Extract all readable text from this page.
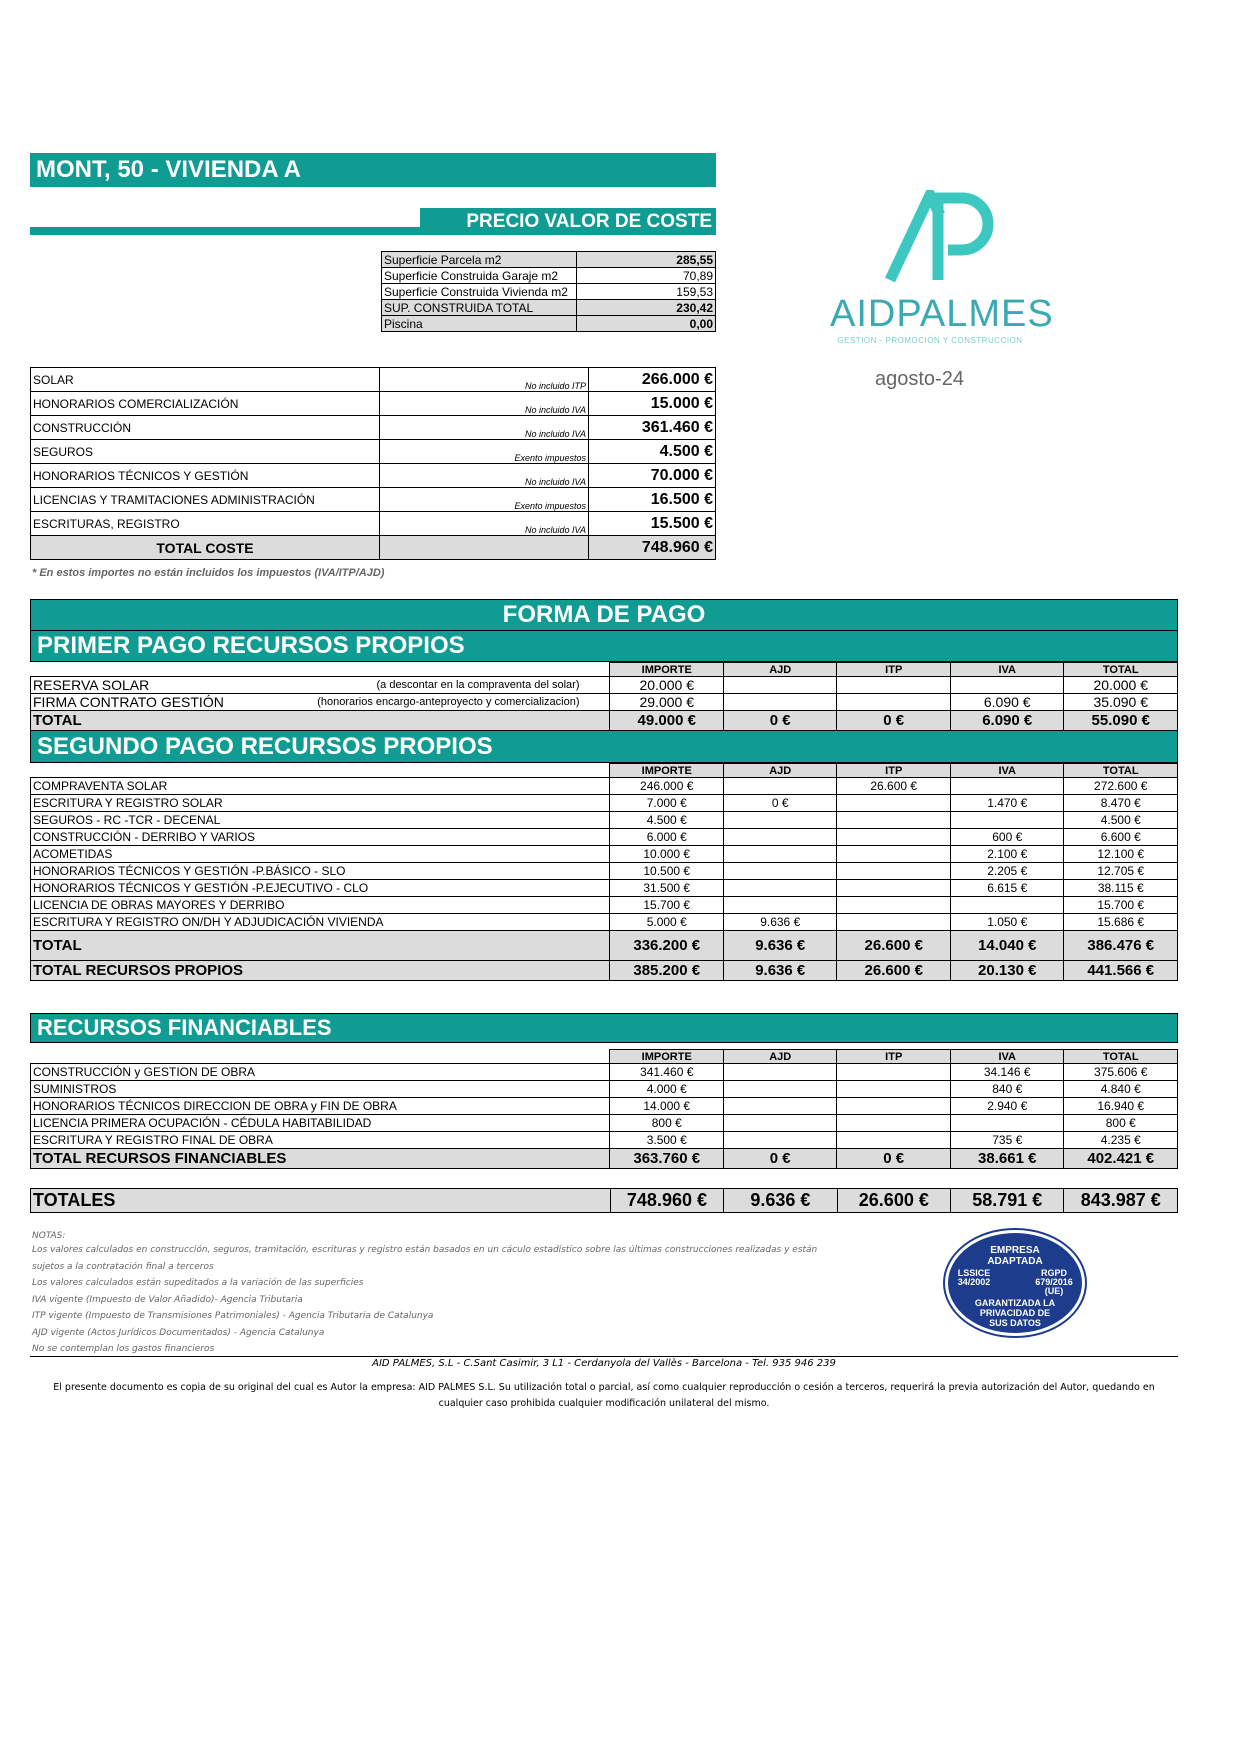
MONT, 50 - VIVIENDA A
PRECIO VALOR DE COSTE
AIDPALMES
GESTION - PROMOCION Y CONSTRUCCION
agosto-24
Superficie Parcela m2	285,55
Superficie Construida Garaje m2	70,89
Superficie Construida Vivienda m2	159,53
SUP. CONSTRUIDA TOTAL	230,42
Piscina	0,00
SOLAR	No incluido ITP	266.000 €
HONORARIOS COMERCIALIZACIÓN	No incluido IVA	15.000 €
CONSTRUCCIÓN	No incluido IVA	361.460 €
SEGUROS	Exento impuestos	4.500 €
HONORARIOS TÉCNICOS Y GESTIÓN	No incluido IVA	70.000 €
LICENCIAS Y TRAMITACIONES ADMINISTRACIÓN	Exento impuestos	16.500 €
ESCRITURAS, REGISTRO	No incluido IVA	15.500 €
TOTAL COSTE		748.960 €
* En estos importes no están incluidos los impuestos (IVA/ITP/AJD)
FORMA DE PAGO
PRIMER PAGO RECURSOS PROPIOS
	IMPORTE	AJD	ITP	IVA	TOTAL
RESERVA SOLAR (a descontar en la compraventa del solar)	20.000 €				20.000 €
FIRMA CONTRATO GESTIÓN (honorarios encargo-anteproyecto y comercializacion)	29.000 €			6.090 €	35.090 €
TOTAL	49.000 €	0 €	0 €	6.090 €	55.090 €
SEGUNDO PAGO RECURSOS PROPIOS
	IMPORTE	AJD	ITP	IVA	TOTAL
COMPRAVENTA SOLAR	246.000 €		26.600 €		272.600 €
ESCRITURA Y REGISTRO SOLAR	7.000 €	0 €		1.470 €	8.470 €
SEGUROS - RC -TCR - DECENAL	4.500 €				4.500 €
CONSTRUCCIÓN - DERRIBO Y VARIOS	6.000 €			600 €	6.600 €
ACOMETIDAS	10.000 €			2.100 €	12.100 €
HONORARIOS TÉCNICOS Y GESTIÓN -P.BÁSICO - SLO	10.500 €			2.205 €	12.705 €
HONORARIOS TÉCNICOS Y GESTIÓN -P.EJECUTIVO - CLO	31.500 €			6.615 €	38.115 €
LICENCIA DE OBRAS MAYORES Y DERRIBO	15.700 €				15.700 €
ESCRITURA Y REGISTRO ON/DH Y ADJUDICACIÓN VIVIENDA	5.000 €	9.636 €		1.050 €	15.686 €
TOTAL	336.200 €	9.636 €	26.600 €	14.040 €	386.476 €
TOTAL RECURSOS PROPIOS	385.200 €	9.636 €	26.600 €	20.130 €	441.566 €
RECURSOS FINANCIABLES
	IMPORTE	AJD	ITP	IVA	TOTAL
CONSTRUCCIÓN y GESTION DE OBRA	341.460 €			34.146 €	375.606 €
SUMINISTROS	4.000 €			840 €	4.840 €
HONORARIOS TÉCNICOS DIRECCION DE OBRA y FIN DE OBRA	14.000 €			2.940 €	16.940 €
LICENCIA PRIMERA OCUPACIÓN - CÉDULA HABITABILIDAD	800 €				800 €
ESCRITURA Y REGISTRO FINAL DE OBRA	3.500 €			735 €	4.235 €
TOTAL RECURSOS FINANCIABLES	363.760 €	0 €	0 €	38.661 €	402.421 €
TOTALES	748.960 €	9.636 €	26.600 €	58.791 €	843.987 €
NOTAS:
Los valores calculados en construcción, seguros, tramitación, escrituras y registro están basados en un cáculo estadístico sobre las últimas construcciones realizadas y están
sujetos a la contratación final a terceros
Los valores calculados están supeditados a la variación de las superficies
IVA vigente (Impuesto de Valor Añadido)- Agencia Tributaria
ITP vigente (Impuesto de Transmisiones Patrimoniales) - Agencia Tributaria de Catalunya
AJD vigente (Actos Jurídicos Documentados) - Agencia Catalunya
No se contemplan los gastos financieros
EMPRESA ADAPTADA
LSSICE 34/2002
RGPD 679/2016 (UE)
GARANTIZADA LA PRIVACIDAD DE SUS DATOS
AID PALMES, S.L - C.Sant Casimir, 3 L1 - Cerdanyola del Vallès - Barcelona - Tel. 935 946 239
El presente documento es copia de su original del cual es Autor la empresa: AID PALMES S.L. Su utilización total o parcial, así como cualquier reproducción o cesión a terceros, requerirá la previa autorización del Autor, quedando en cualquier caso prohibida cualquier modificación unilateral del mismo.
